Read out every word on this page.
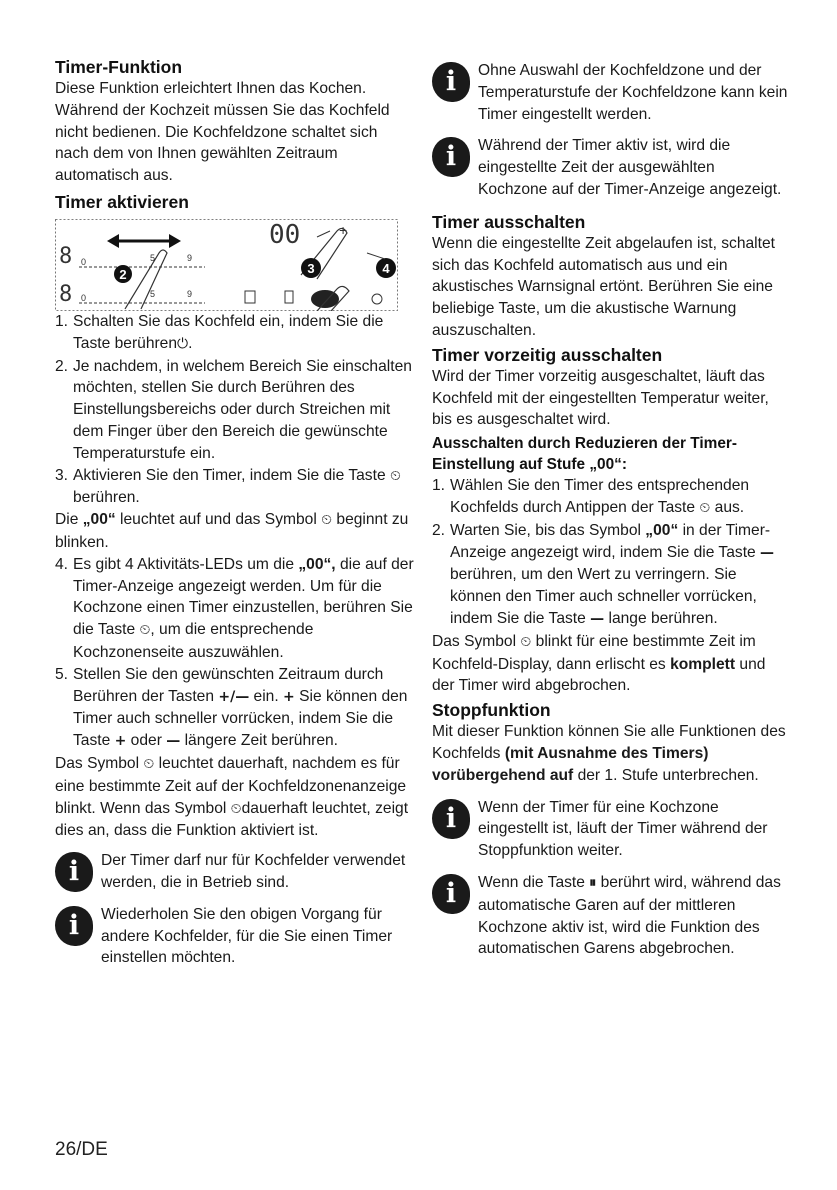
Timer-Funktion

Diese Funktion erleichtert Ihnen das Kochen. Während der Kochzeit müssen Sie das Kochfeld nicht bedienen. Die Kochfeldzone schaltet sich nach dem von Ihnen gewählten Zeitraum automatisch aus.

Timer aktivieren
8
8
0	5	9
0	5	9
2
00	+
3	4
1. Schalten Sie das Kochfeld ein, indem Sie die Taste berühren⏻.
2. Je nachdem, in welchem Bereich Sie einschalten möchten, stellen Sie durch Berühren des Einstellungsbereichs oder durch Streichen mit dem Finger über den Bereich die gewünschte Temperaturstufe ein.
3. Aktivieren Sie den Timer, indem Sie die Taste ⏲ berühren.

Die „00“ leuchtet auf und das Symbol ⏲ beginnt zu blinken.

4. Es gibt 4 Aktivitäts-LEDs um die „00“, die auf der Timer-Anzeige angezeigt werden. Um für die Kochzone einen Timer einzustellen, berühren Sie die Taste ⏲, um die entsprechende Kochzonenseite auszuwählen.
5. Stellen Sie den gewünschten Zeitraum durch Berühren der Tasten +/— ein. + Sie können den Timer auch schneller vorrücken, indem Sie die Taste + oder — längere Zeit berühren.

Das Symbol ⏲ leuchtet dauerhaft, nachdem es für eine bestimmte Zeit auf der Kochfeldzonenanzeige blinkt. Wenn das Symbol ⏲dauerhaft leuchtet, zeigt dies an, dass die Funktion aktiviert ist.

i	Der Timer darf nur für Kochfelder verwendet werden, die in Betrieb sind.

i	Wiederholen Sie den obigen Vorgang für andere Kochfelder, für die Sie einen Timer einstellen möchten.

i	Ohne Auswahl der Kochfeldzone und der Temperaturstufe der Kochfeldzone kann kein Timer eingestellt werden.

i	Während der Timer aktiv ist, wird die eingestellte Zeit der ausgewählten Kochzone auf der Timer-Anzeige angezeigt.

Timer ausschalten

Wenn die eingestellte Zeit abgelaufen ist, schaltet sich das Kochfeld automatisch aus und ein akustisches Warnsignal ertönt. Berühren Sie eine beliebige Taste, um die akustische Warnung auszuschalten.

Timer vorzeitig ausschalten

Wird der Timer vorzeitig ausgeschaltet, läuft das Kochfeld mit der eingestellten Temperatur weiter, bis es ausgeschaltet wird.

Ausschalten durch Reduzieren der Timer-Einstellung auf Stufe „00“:
1. Wählen Sie den Timer des entsprechenden Kochfelds durch Antippen der Taste ⏲ aus.
2. Warten Sie, bis das Symbol „00“ in der Timer-Anzeige angezeigt wird, indem Sie die Taste — berühren, um den Wert zu verringern. Sie können den Timer auch schneller vorrücken, indem Sie die Taste — lange berühren.

Das Symbol ⏲ blinkt für eine bestimmte Zeit im Kochfeld-Display, dann erlischt es komplett und der Timer wird abgebrochen.

Stoppfunktion

Mit dieser Funktion können Sie alle Funktionen des Kochfelds (mit Ausnahme des Timers) vorübergehend auf der 1. Stufe unterbrechen.

i	Wenn der Timer für eine Kochzone eingestellt ist, läuft der Timer während der Stoppfunktion weiter.

i	Wenn die Taste ⏸ berührt wird, während das automatische Garen auf der mittleren Kochzone aktiv ist, wird die Funktion des automatischen Garens abgebrochen.

26/DE
